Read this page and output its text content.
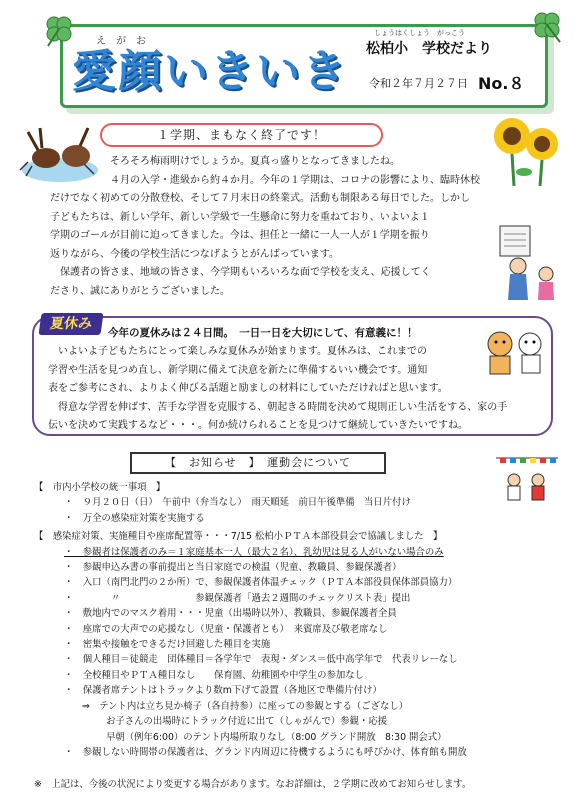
えがお
愛顔いきいき
しょうはくしょう　がっこう
松柏小　学校だより
令和２年７月２７日 No.８
１学期、まもなく終了です！

そろそろ梅雨明けでしょうか。夏真っ盛りとなってきましたね。

４月の入学・進級から約４か月。今年の１学期は、コロナの影響により、臨時休校

だけでなく初めての分散登校、そして７月末日の終業式。活動も制限ある毎日でした。しかし

子どもたちは、新しい学年、新しい学級で一生懸命に努力を重ねており、いよいよ１

学期のゴールが目前に迫ってきました。今は、担任と一緒に一人一人が１学期を振り

返りながら、今後の学校生活につなげようとがんばっています。

保護者の皆さま、地域の皆さま、今学期もいろいろな面で学校を支え、応援してく

ださり、誠にありがとうございました。

夏休み
今年の夏休みは２４日間。　一日一日を大切にして、有意義に！！

いよいよ子どもたちにとって楽しみな夏休みが始まります。夏休みは、これまでの

学習や生活を見つめ直し、新学期に備えて決意を新たに準備するいい機会です。通知

表をご参考にされ、よりよく伸びる話題と励ましの材料にしていただければと思います。

得意な学習を伸ばす、苦手な学習を克服する、朝起きる時間を決めて規則正しい生活をする、家の手

伝いを決めて実践するなど・・・。何か続けられることを見つけて継続していきたいですね。

【　お知らせ　】　運動会について
【　市内小学校の統一事項　】
・　９月２０日（日）　午前中（弁当なし）　雨天順延　前日午後準備　当日片付け
・　万全の感染症対策を実施する
【　感染症対策、実施種目や座席配置等・・・7/15 松柏小ＰＴＡ本部役員会で協議しました　】
・　参観者は保護者のみ＝１家庭基本一人（最大２名）、乳幼児は見る人がいない場合のみ
・　参観申込み書の事前提出と当日家庭での検温（児童、教職員、参観保護者）
・　入口（南門北門の２か所）で、参観保護者体温チェック（ＰＴＡ本部役員保体部員協力）
・　　　　〃　　　　　　　　参観保護者「過去２週間のチェックリスト表」提出
・　敷地内でのマスク着用・・・児童（出場時以外）、教職員、参観保護者全員
・　座席での大声での応援なし（児童・保護者とも）　来賓席及び敬老席なし
・　密集や接触をできるだけ回避した種目を実施
・　個人種目＝徒競走　団体種目＝各学年で　表現・ダンス＝低中高学年で　代表リレーなし
・　全校種目やＰＴＡ種目なし　　保育園、幼稚園や中学生の参加なし
・　保護者席テントはトラックより数m下げて設置（各地区で準備片付け）
⇒　テント内は立ち見か椅子（各自持参）に座っての参観とする（ござなし）
お子さんの出場時にトラック付近に出て（しゃがんで）参観・応援
早朝（例年6:00）のテント内場所取りなし（8:00 グランド開放　8:30 開会式）
・　参観しない時間帯の保護者は、グランド内周辺に待機するようにも呼びかけ、体育館も開放
※　上記は、今後の状況により変更する場合があります。なお詳細は、２学期に改めてお知らせします。
